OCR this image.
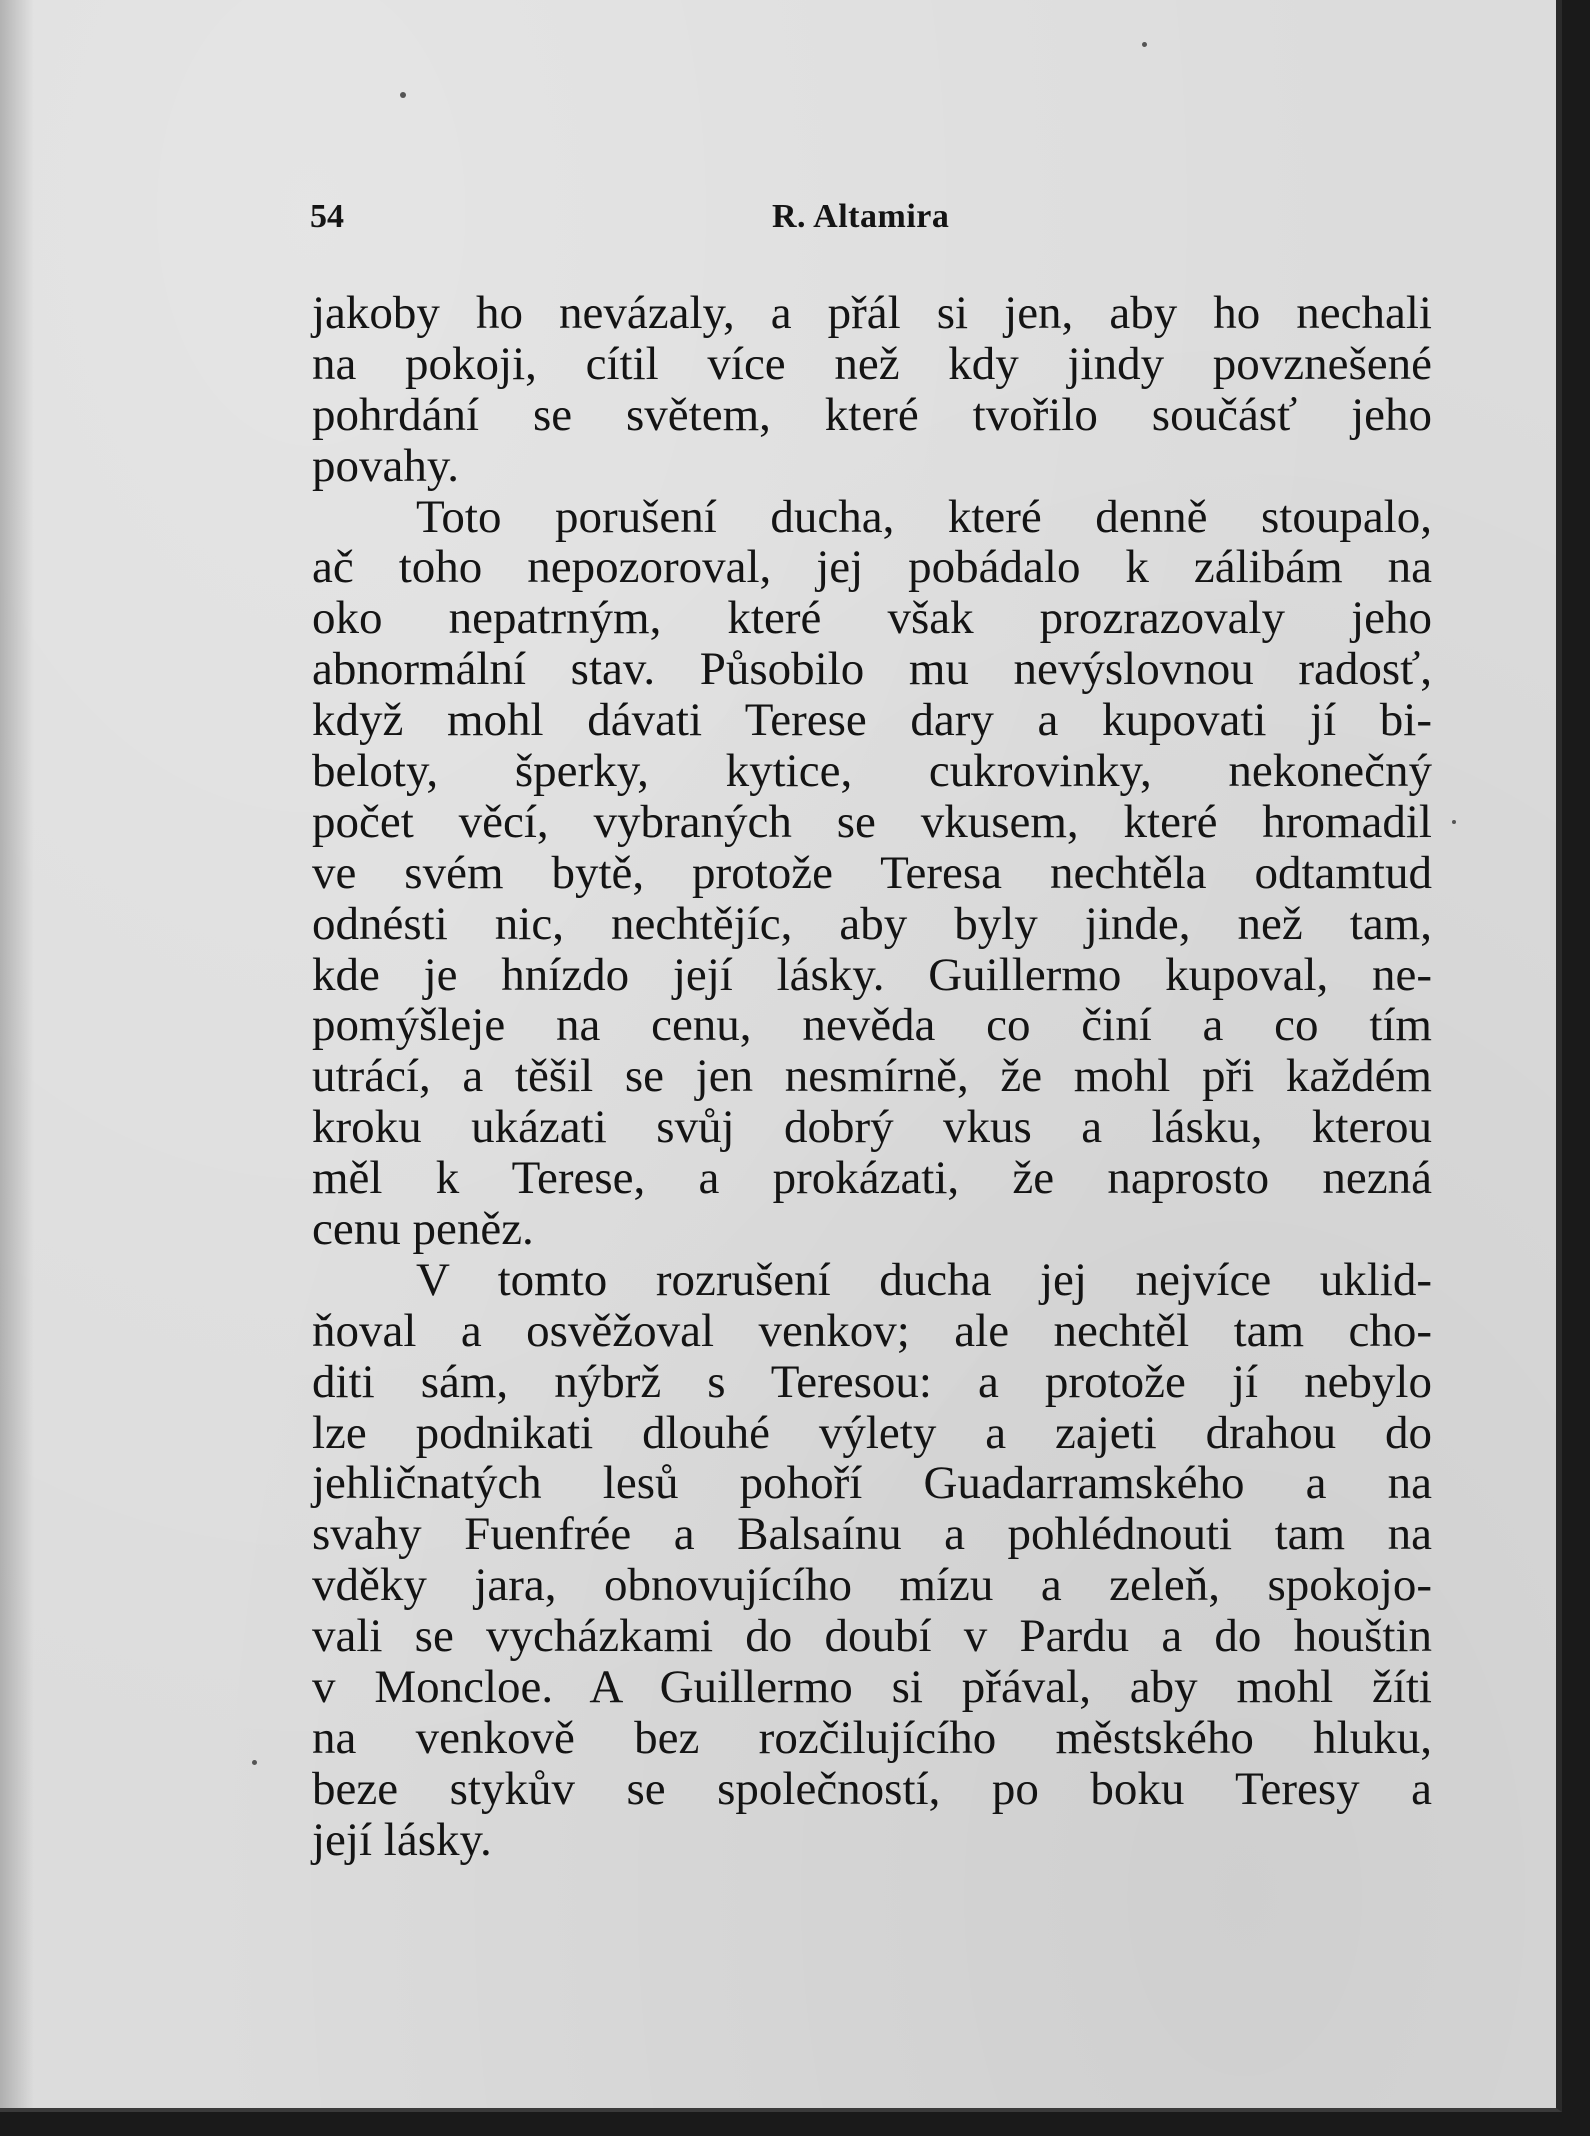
54	R. Altamira
jakoby ho nevázaly, a přál si jen, aby ho nechali
na pokoji, cítil více než kdy jindy povznešené
pohrdání se světem, které tvořilo součásť jeho
povahy.
Toto porušení ducha, které denně stoupalo,
ač toho nepozoroval, jej pobádalo k zálibám na
oko nepatrným, které však prozrazovaly jeho
abnormální stav. Působilo mu nevýslovnou radosť,
když mohl dávati Terese dary a kupovati jí bi-
beloty, šperky, kytice, cukrovinky, nekonečný
počet věcí, vybraných se vkusem, které hromadil
ve svém bytě, protože Teresa nechtěla odtamtud
odnésti nic, nechtějíc, aby byly jinde, než tam,
kde je hnízdo její lásky. Guillermo kupoval, ne-
pomýšleje na cenu, nevěda co činí a co tím
utrácí, a těšil se jen nesmírně, že mohl při každém
kroku ukázati svůj dobrý vkus a lásku, kterou
měl k Terese, a prokázati, že naprosto nezná
cenu peněz.
V tomto rozrušení ducha jej nejvíce uklid-
ňoval a osvěžoval venkov; ale nechtěl tam cho-
diti sám, nýbrž s Teresou: a protože jí nebylo
lze podnikati dlouhé výlety a zajeti drahou do
jehličnatých lesů pohoří Guadarramského a na
svahy Fuenfrée a Balsaínu a pohlédnouti tam na
vděky jara, obnovujícího mízu a zeleň, spokojo-
vali se vycházkami do doubí v Pardu a do houštin
v Moncloe. A Guillermo si přával, aby mohl žíti
na venkově bez rozčilujícího městského hluku,
beze stykův se společností, po boku Teresy a
její lásky.
